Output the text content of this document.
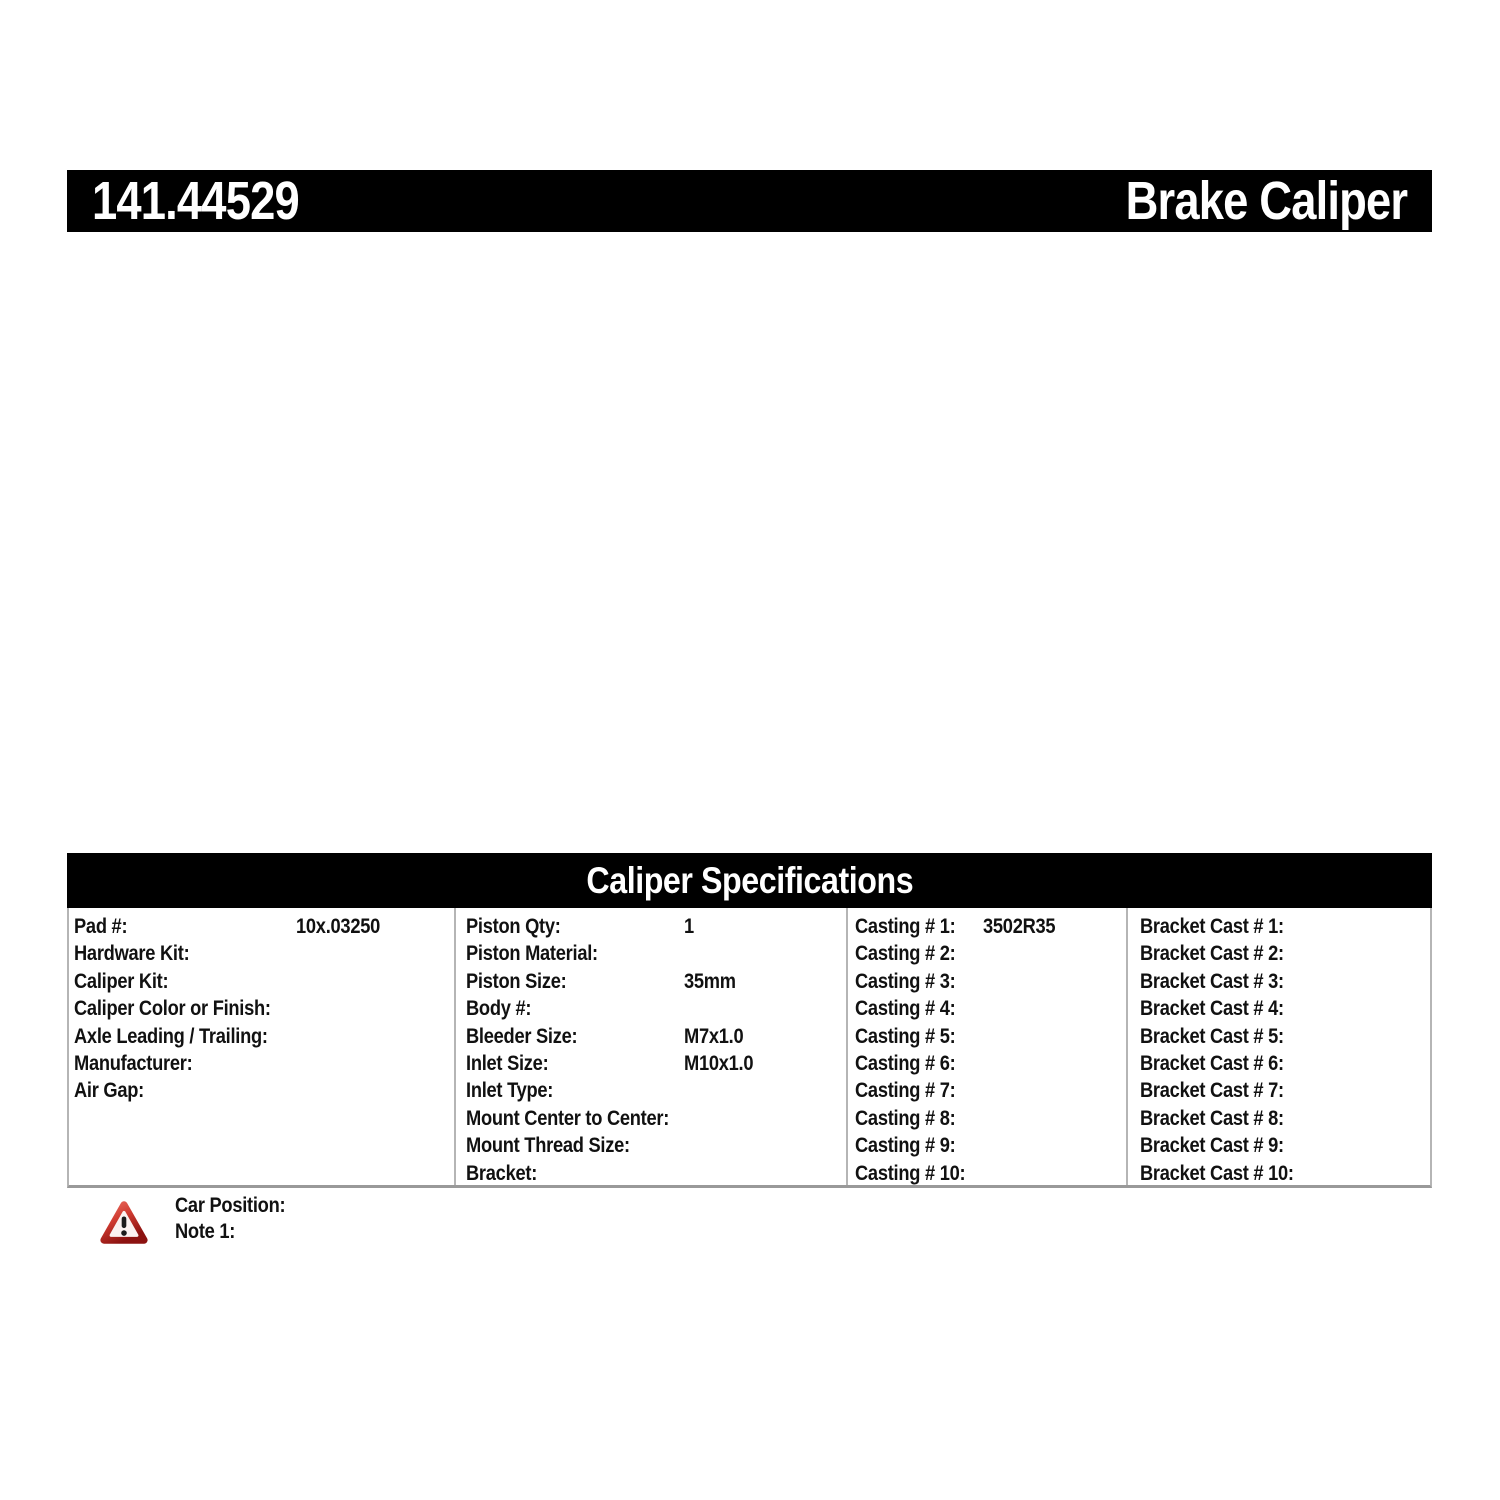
141.44529	Brake Caliper
Caliper Specifications
Pad #:	10x.03250
Hardware Kit:
Caliper Kit:
Caliper Color or Finish:
Axle Leading / Trailing:
Manufacturer:
Air Gap:
Piston Qty:	1
Piston Material:
Piston Size:	35mm
Body #:
Bleeder Size:	M7x1.0
Inlet Size:	M10x1.0
Inlet Type:
Mount Center to Center:
Mount Thread Size:
Bracket:
Casting # 1: 3502R35
Casting # 2:
Casting # 3:
Casting # 4:
Casting # 5:
Casting # 6:
Casting # 7:
Casting # 8:
Casting # 9:
Casting # 10:
Bracket Cast # 1:
Bracket Cast # 2:
Bracket Cast # 3:
Bracket Cast # 4:
Bracket Cast # 5:
Bracket Cast # 6:
Bracket Cast # 7:
Bracket Cast # 8:
Bracket Cast # 9:
Bracket Cast # 10:
Car Position:
Note 1:
